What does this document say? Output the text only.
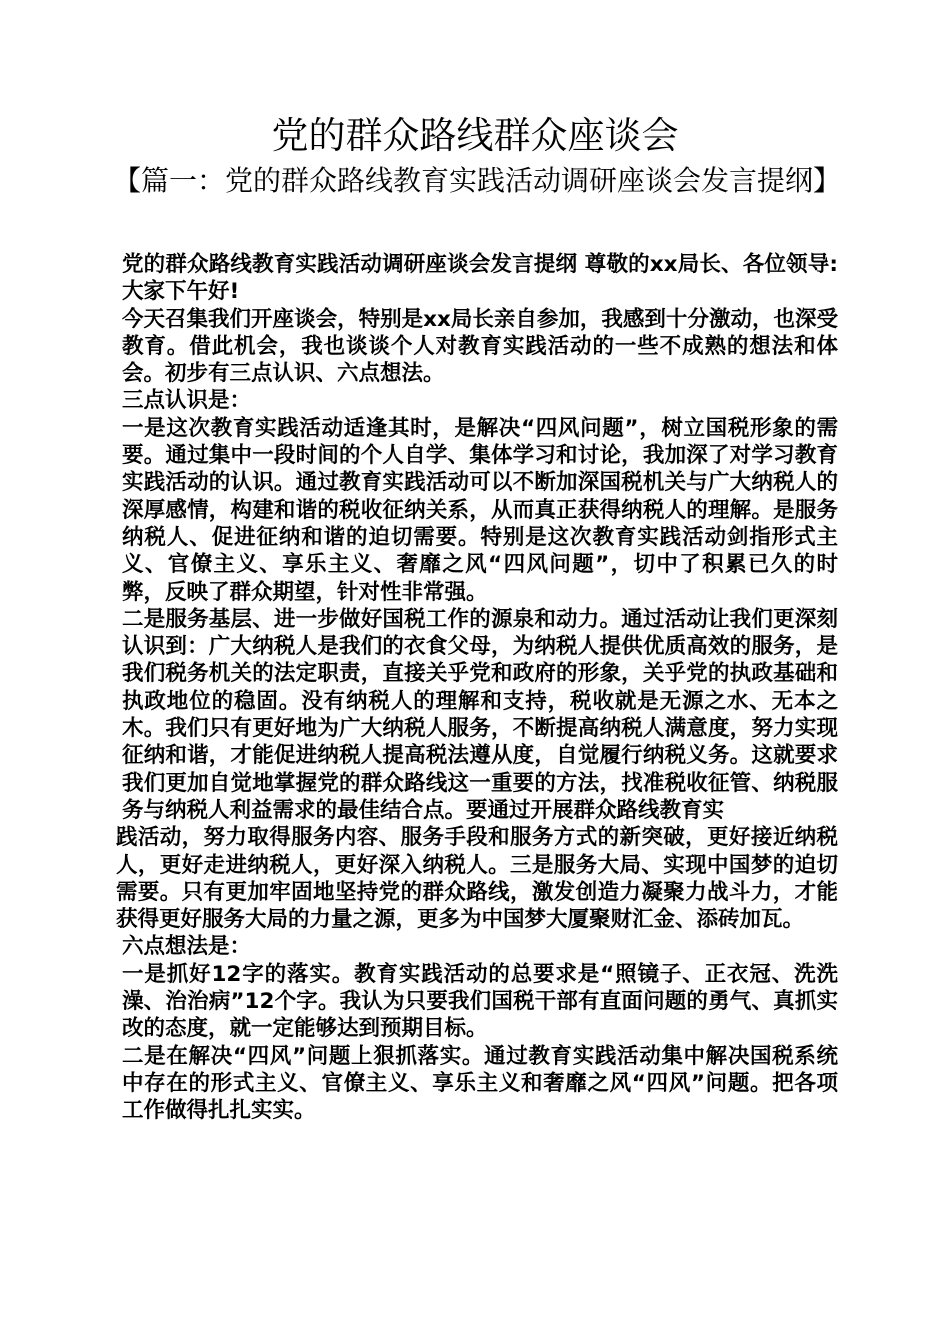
党的群众路线群众座谈会
【篇一：党的群众路线教育实践活动调研座谈会发言提纲】

党的群众路线教育实践活动调研座谈会发言提纲 尊敬的xx局长、各位领导:大家下午好!

今天召集我们开座谈会，特别是xx局长亲自参加，我感到十分激动，也深受教育。借此机会，我也谈谈个人对教育实践活动的一些不成熟的想法和体会。初步有三点认识、六点想法。

三点认识是：

一是这次教育实践活动适逢其时，是解决“四风问题”，树立国税形象的需要。通过集中一段时间的个人自学、集体学习和讨论，我加深了对学习教育实践活动的认识。通过教育实践活动可以不断加深国税机关与广大纳税人的深厚感情，构建和谐的税收征纳关系，从而真正获得纳税人的理解。是服务纳税人、促进征纳和谐的迫切需要。特别是这次教育实践活动剑指形式主义、官僚主义、享乐主义、奢靡之风“四风问题”，切中了积累已久的时弊，反映了群众期望，针对性非常强。

二是服务基层、进一步做好国税工作的源泉和动力。通过活动让我们更深刻认识到：广大纳税人是我们的衣食父母，为纳税人提供优质高效的服务，是我们税务机关的法定职责，直接关乎党和政府的形象，关乎党的执政基础和执政地位的稳固。没有纳税人的理解和支持，税收就是无源之水、无本之木。我们只有更好地为广大纳税人服务，不断提高纳税人满意度，努力实现征纳和谐，才能促进纳税人提高税法遵从度，自觉履行纳税义务。这就要求我们更加自觉地掌握党的群众路线这一重要的方法，找准税收征管、纳税服务与纳税人利益需求的最佳结合点。要通过开展群众路线教育实

践活动，努力取得服务内容、服务手段和服务方式的新突破，更好接近纳税人，更好走进纳税人，更好深入纳税人。三是服务大局、实现中国梦的迫切需要。只有更加牢固地坚持党的群众路线，激发创造力凝聚力战斗力，才能获得更好服务大局的力量之源，更多为中国梦大厦聚财汇金、添砖加瓦。

六点想法是：

一是抓好12字的落实。教育实践活动的总要求是“照镜子、正衣冠、洗洗澡、治治病”12个字。我认为只要我们国税干部有直面问题的勇气、真抓实改的态度，就一定能够达到预期目标。

二是在解决“四风”问题上狠抓落实。通过教育实践活动集中解决国税系统中存在的形式主义、官僚主义、享乐主义和奢靡之风“四风”问题。把各项工作做得扎扎实实。
